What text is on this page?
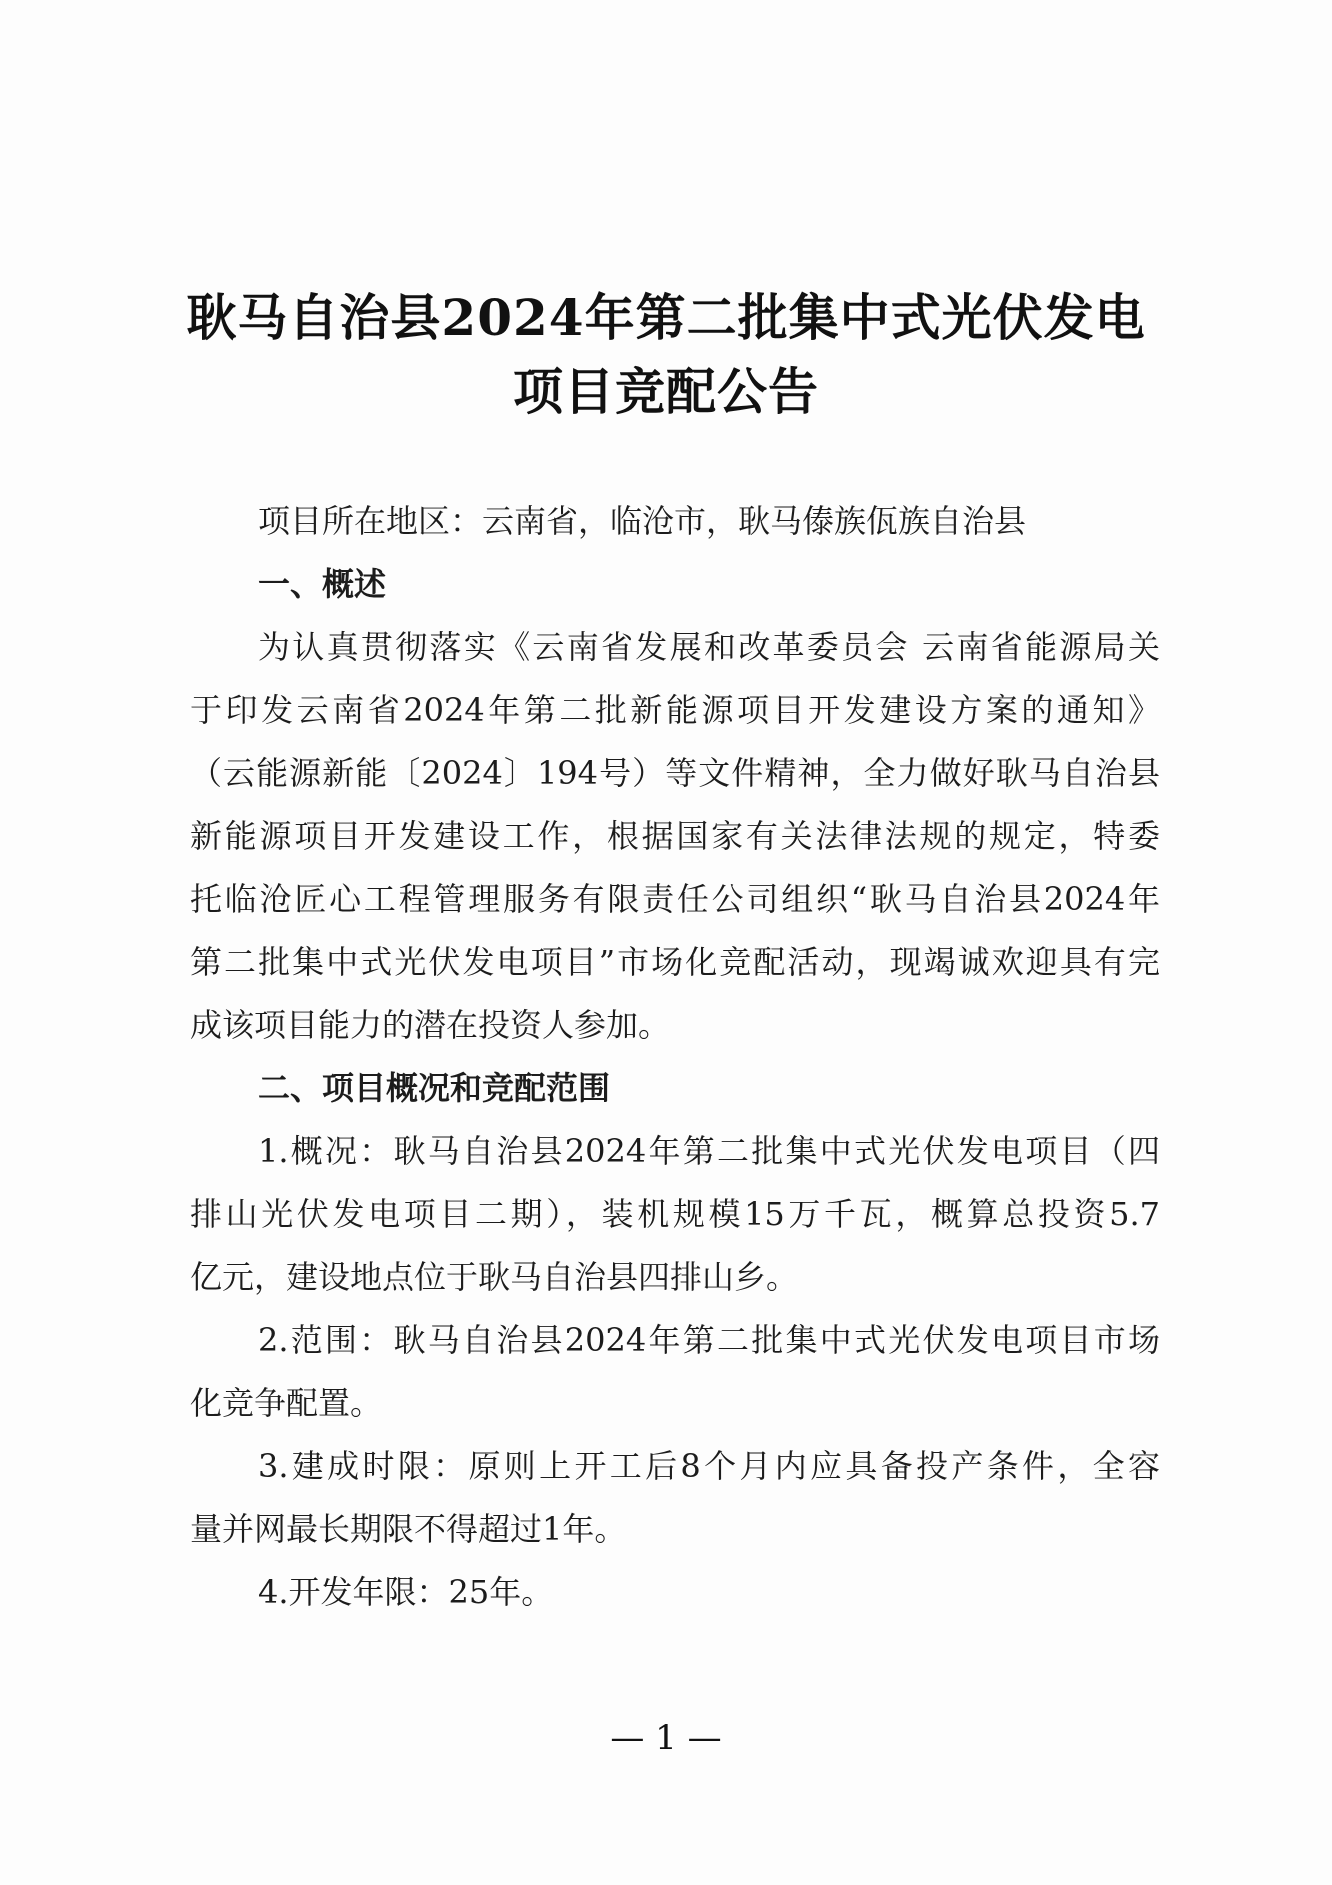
耿马自治县2024年第二批集中式光伏发电
项目竞配公告
项目所在地区：云南省，临沧市，耿马傣族佤族自治县
一、概述
为认真贯彻落实《云南省发展和改革委员会 云南省能源局关
于印发云南省2024年第二批新能源项目开发建设方案的通知》
（云能源新能〔2024〕194号）等文件精神，全力做好耿马自治县
新能源项目开发建设工作，根据国家有关法律法规的规定，特委
托临沧匠心工程管理服务有限责任公司组织“耿马自治县2024年
第二批集中式光伏发电项目”市场化竞配活动，现竭诚欢迎具有完
成该项目能力的潜在投资人参加。
二、项目概况和竞配范围
1.概况：耿马自治县2024年第二批集中式光伏发电项目（四
排山光伏发电项目二期），装机规模15万千瓦，概算总投资5.7
亿元，建设地点位于耿马自治县四排山乡。
2.范围：耿马自治县2024年第二批集中式光伏发电项目市场
化竞争配置。
3.建成时限：原则上开工后8个月内应具备投产条件，全容
量并网最长期限不得超过1年。
4.开发年限：25年。
— 1 —
